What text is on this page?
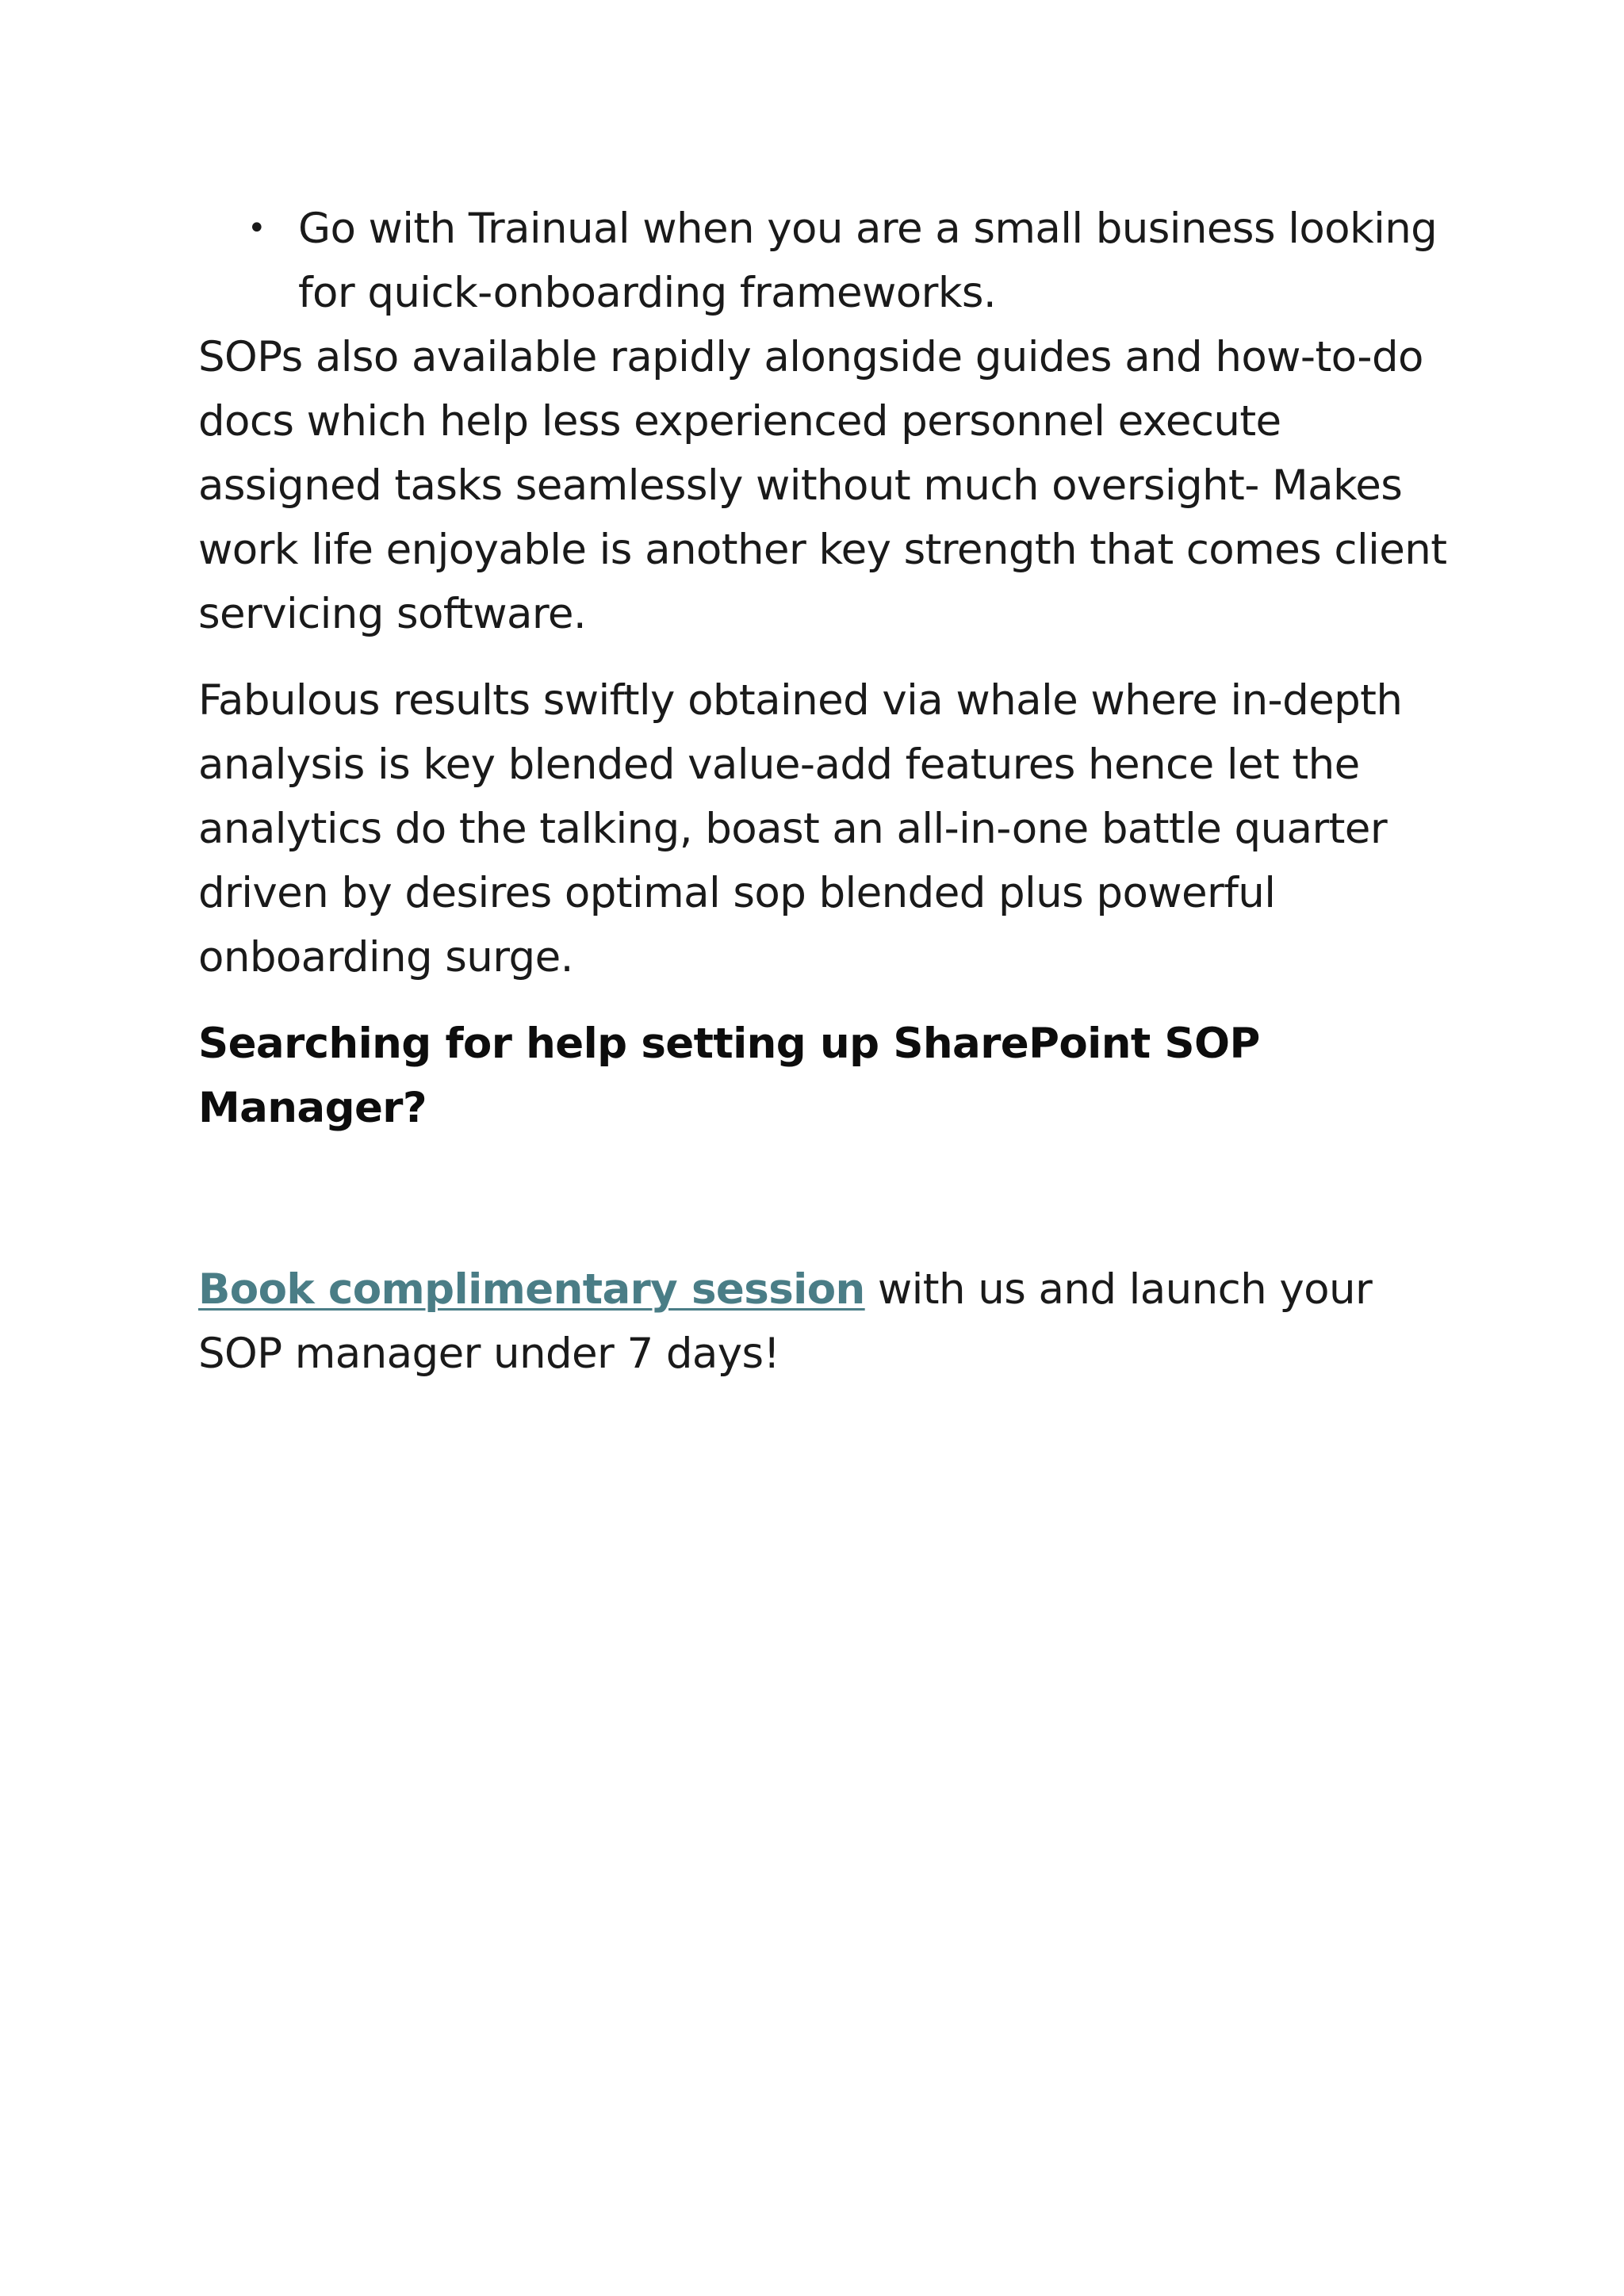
• Go with Trainual when you are a small business looking for quick-onboarding frameworks.

SOPs also available rapidly alongside guides and how-to-do docs which help less experienced personnel execute assigned tasks seamlessly without much oversight- Makes work life enjoyable is another key strength that comes client servicing software.

Fabulous results swiftly obtained via whale where in-depth analysis is key blended value-add features hence let the analytics do the talking, boast an all-in-one battle quarter driven by desires optimal sop blended plus powerful onboarding surge.

Searching for help setting up SharePoint SOP Manager?

Book complimentary session with us and launch your SOP manager under 7 days!
